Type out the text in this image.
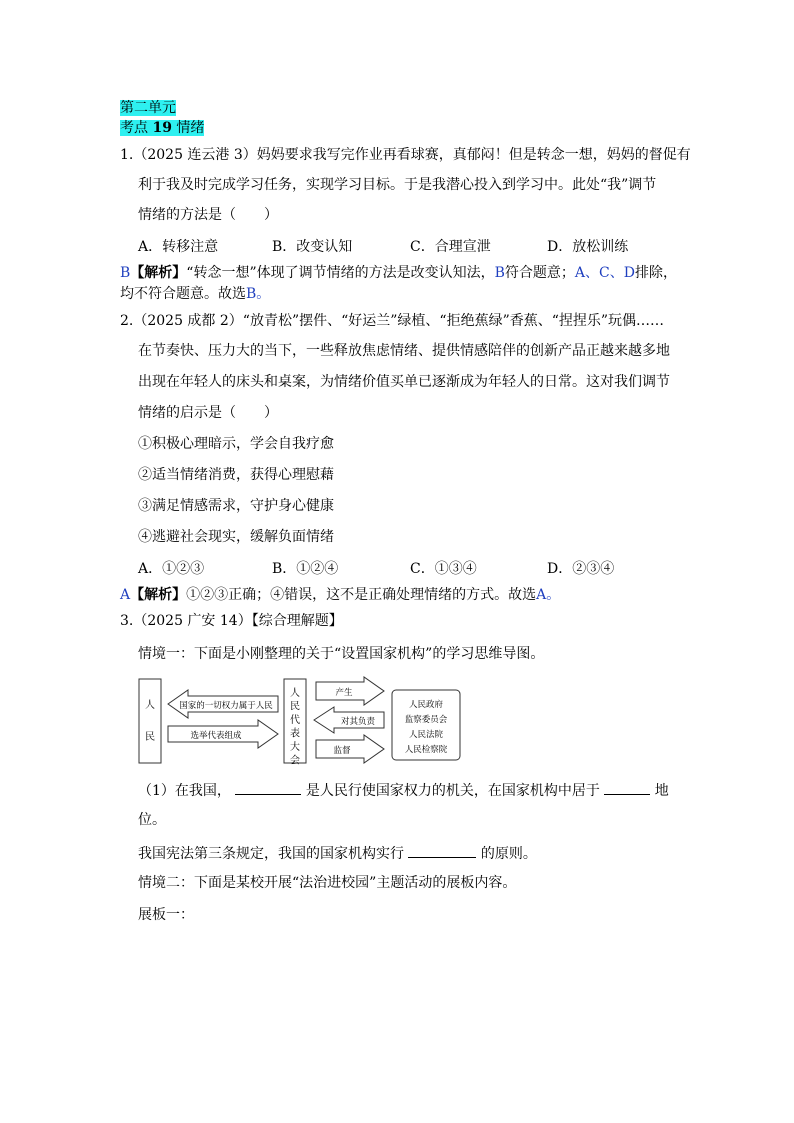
第二单元
考点 19 情绪
1.（2025 连云港 3）妈妈要求我写完作业再看球赛，真郁闷！但是转念一想，妈妈的督促有
利于我及时完成学习任务，实现学习目标。于是我潜心投入到学习中。此处“我”调节
情绪的方法是（　　）
A．转移注意	B．改变认知	C．合理宣泄	D．放松训练
B【解析】“转念一想”体现了调节情绪的方法是改变认知法，B符合题意；A、C、D排除，
均不符合题意。故选B。
2.（2025 成都 2）“放青松”摆件、“好运兰”绿植、“拒绝蕉绿”香蕉、“捏捏乐”玩偶……
在节奏快、压力大的当下，一些释放焦虑情绪、提供情感陪伴的创新产品正越来越多地
出现在年轻人的床头和桌案，为情绪价值买单已逐渐成为年轻人的日常。这对我们调节
情绪的启示是（　　）
①积极心理暗示，学会自我疗愈
②适当情绪消费，获得心理慰藉
③满足情感需求，守护身心健康
④逃避社会现实，缓解负面情绪
A．①②③	B．①②④	C．①③④	D．②③④
A【解析】①②③正确；④错误，这不是正确处理情绪的方式。故选A。
3.（2025 广安 14）【综合理解题】
情境一：下面是小刚整理的关于“设置国家机构”的学习思维导图。
人
民
国家的一切权力属于人民
选举代表组成
人
民
代
表
大
会
产生
对其负责
监督
人民政府
监察委员会
人民法院
人民检察院
（1）在我国，	是人民行使国家权力的机关，在国家机构中居于	地
位。
我国宪法第三条规定，我国的国家机构实行	的原则。
情境二：下面是某校开展“法治进校园”主题活动的展板内容。
展板一：
